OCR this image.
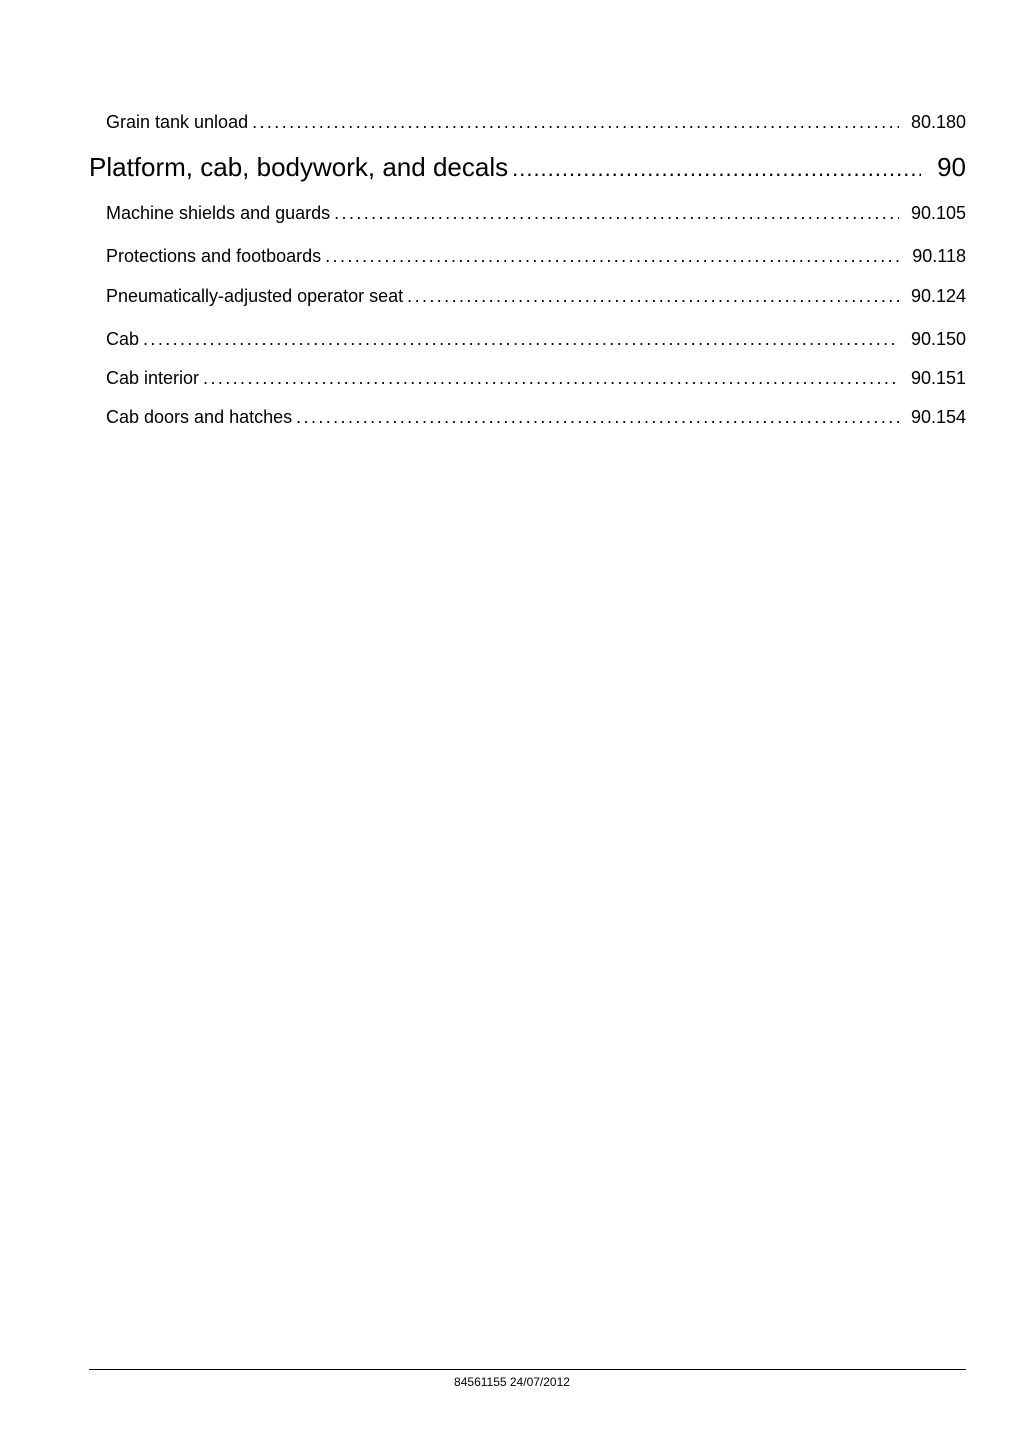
Grain tank unload .....	80.180
Platform, cab, bodywork, and decals .....	90
Machine shields and guards .....	90.105
Protections and footboards .....	90.118
Pneumatically-adjusted operator seat .....	90.124
Cab .....	90.150
Cab interior .....	90.151
Cab doors and hatches .....	90.154
84561155 24/07/2012
